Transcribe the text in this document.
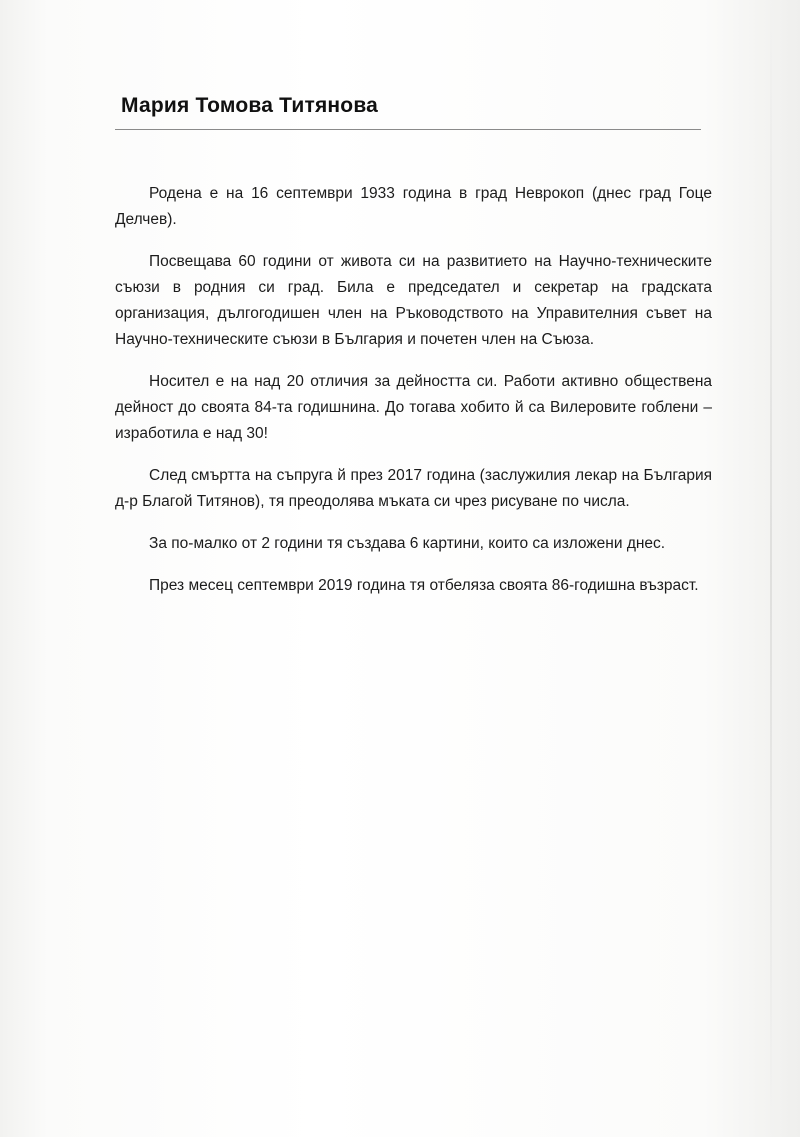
Мария Томова Титянова

Родена е на 16 септември 1933 година в град Неврокоп (днес град Гоце Делчев).

Посвещава 60 години от живота си на развитието на Научно-техническите съюзи в родния си град. Била е председател и секретар на градската организация, дългогодишен член на Ръководството на Управителния съвет на Научно-техническите съюзи в България и почетен член на Съюза.

Носител е на над 20 отличия за дейността си. Работи активно обществена дейност до своята 84-та годишнина. До тогава хобито й са Вилеровите гоблени – изработила е над 30!

След смъртта на съпруга й през 2017 година (заслужилия лекар на България д-р Благой Титянов), тя преодолява мъката си чрез рисуване по числа.

За по-малко от 2 години тя създава 6 картини, които са изложени днес.

През месец септември 2019 година тя отбеляза своята 86-годишна възраст.
